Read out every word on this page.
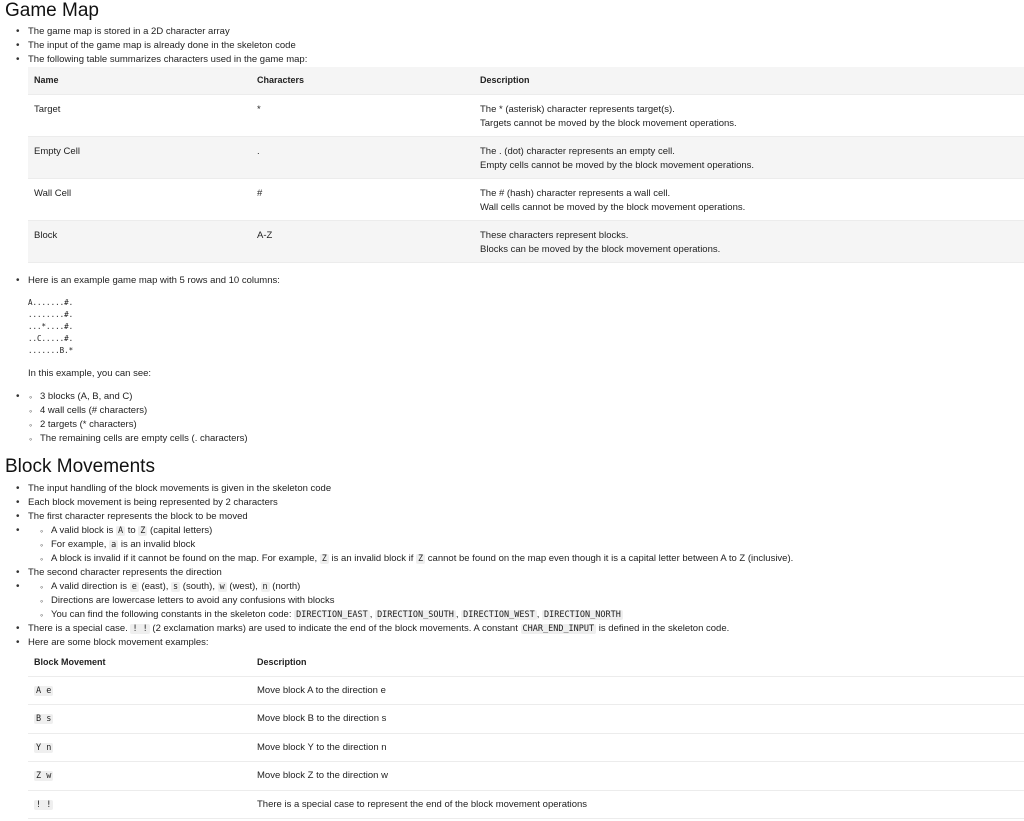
Game Map
• The game map is stored in a 2D character array
• The input of the game map is already done in the skeleton code
• The following table summarizes characters used in the game map:
Name	Characters	Description
Target	*	The * (asterisk) character represents target(s).
Targets cannot be moved by the block movement operations.

Empty Cell	.	The . (dot) character represents an empty cell.
Empty cells cannot be moved by the block movement operations.

Wall Cell	#	The # (hash) character represents a wall cell.
Wall cells cannot be moved by the block movement operations.

Block	A-Z	These characters represent blocks.
Blocks can be moved by the block movement operations.
• Here is an example game map with 5 rows and 10 columns:
A.......#.
........#.
...*....#.
..C.....#.
.......B.*
In this example, you can see:
◦ • 3 blocks (A, B, and C)
◦ 4 wall cells (# characters)
◦ 2 targets (* characters)
◦ The remaining cells are empty cells (. characters)
Block Movements
• The input handling of the block movements is given in the skeleton code
• Each block movement is being represented by 2 characters
• The first character represents the block to be moved
◦ • A valid block is A to Z (capital letters)
◦ For example, a is an invalid block
◦ A block is invalid if it cannot be found on the map. For example, Z is an invalid block if Z cannot be found on the map even though it is a capital letter between A to Z (inclusive).
• The second character represents the direction
◦ • A valid direction is e (east), s (south), w (west), n (north)
◦ Directions are lowercase letters to avoid any confusions with blocks
◦ You can find the following constants in the skeleton code: DIRECTION_EAST , DIRECTION_SOUTH , DIRECTION_WEST , DIRECTION_NORTH
• There is a special case. ! ! (2 exclamation marks) are used to indicate the end of the block movements. A constant CHAR_END_INPUT is defined in the skeleton code.
• Here are some block movement examples:
Block Movement	Description
A e	Move block A to the direction e
B s	Move block B to the direction s
Y n	Move block Y to the direction n
Z w	Move block Z to the direction w
! !	There is a special case to represent the end of the block movement operations
